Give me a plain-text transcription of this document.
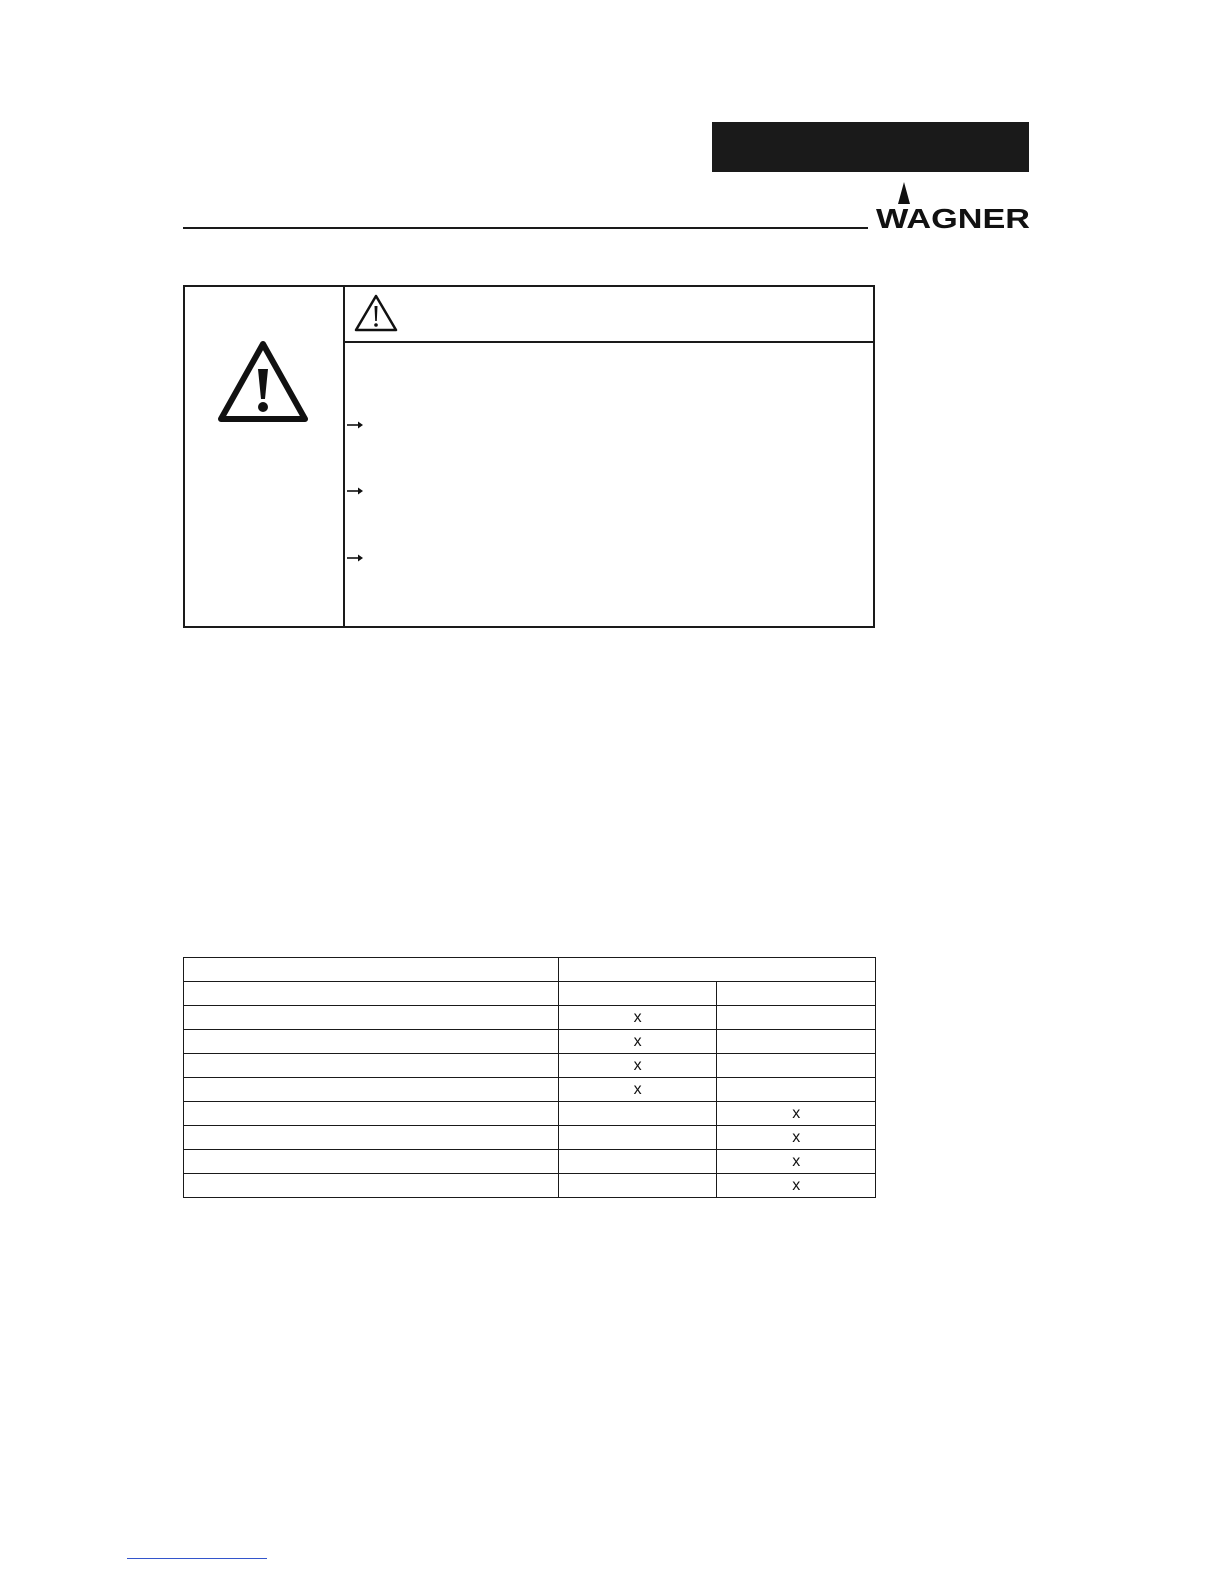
WAGNER

	x	
	x	
	x	
	x	
		x
		x
		x
		x
